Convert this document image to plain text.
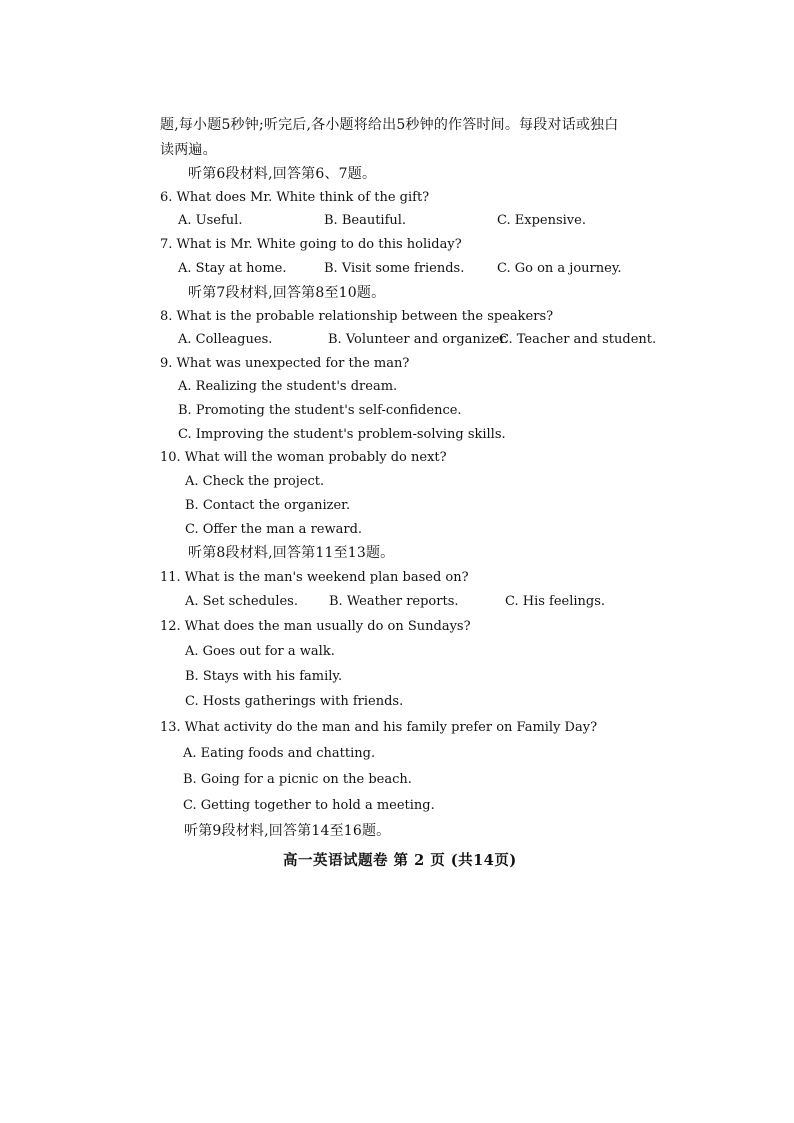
题,每小题5秒钟;听完后,各小题将给出5秒钟的作答时间。每段对话或独白
读两遍。
听第6段材料,回答第6、7题。
6. What does Mr. White think of the gift?
A. Useful.	B. Beautiful.	C. Expensive.
7. What is Mr. White going to do this holiday?
A. Stay at home.	B. Visit some friends.	C. Go on a journey.
听第7段材料,回答第8至10题。
8. What is the probable relationship between the speakers?
A. Colleagues.	B. Volunteer and organizer.
C. Teacher and student.
9. What was unexpected for the man?
A. Realizing the student's dream.
B. Promoting the student's self-confidence.
C. Improving the student's problem-solving skills.
10. What will the woman probably do next?
A. Check the project.
B. Contact the organizer.
C. Offer the man a reward.
听第8段材料,回答第11至13题。
11. What is the man's weekend plan based on?
A. Set schedules. B. Weather reports.	C. His feelings.
12. What does the man usually do on Sundays?
A. Goes out for a walk.
B. Stays with his family.
C. Hosts gatherings with friends.
13. What activity do the man and his family prefer on Family Day?
A. Eating foods and chatting.
B. Going for a picnic on the beach.
C. Getting together to hold a meeting.
听第9段材料,回答第14至16题。
高一英语试题卷 第 2 页 (共14页)
